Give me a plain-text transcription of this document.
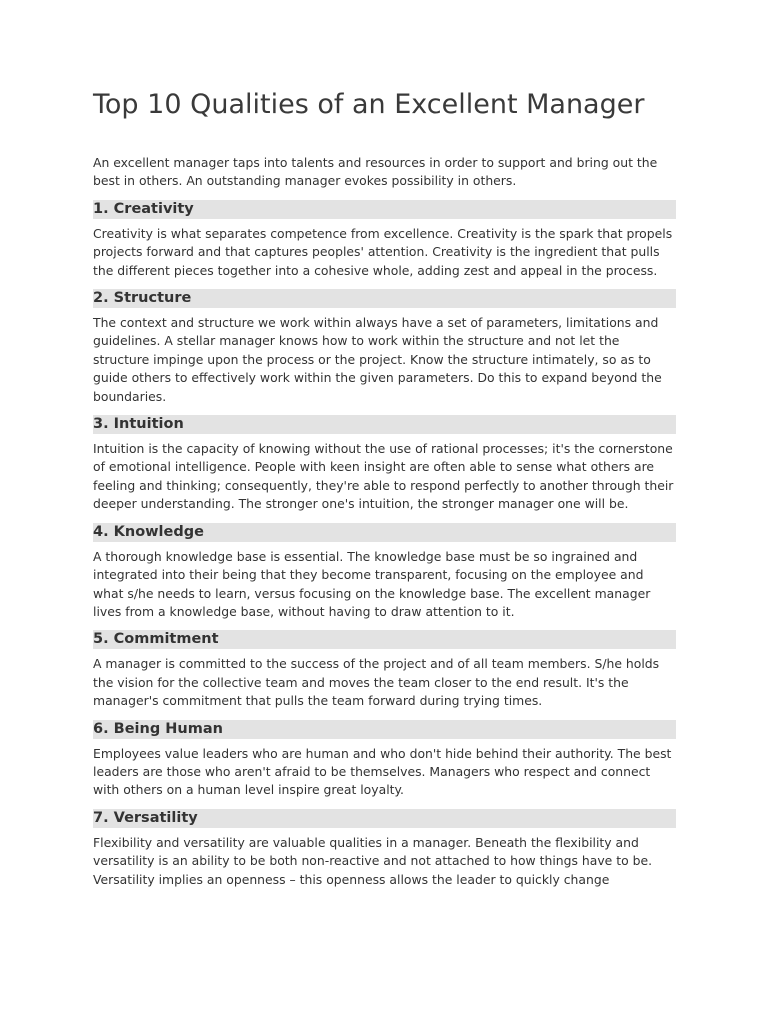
Top 10 Qualities of an Excellent Manager

An excellent manager taps into talents and resources in order to support and bring out the best in others. An outstanding manager evokes possibility in others.

1. Creativity

Creativity is what separates competence from excellence. Creativity is the spark that propels projects forward and that captures peoples' attention. Creativity is the ingredient that pulls the different pieces together into a cohesive whole, adding zest and appeal in the process.

2. Structure

The context and structure we work within always have a set of parameters, limitations and guidelines. A stellar manager knows how to work within the structure and not let the structure impinge upon the process or the project. Know the structure intimately, so as to guide others to effectively work within the given parameters. Do this to expand beyond the boundaries.

3. Intuition

Intuition is the capacity of knowing without the use of rational processes; it's the cornerstone of emotional intelligence. People with keen insight are often able to sense what others are feeling and thinking; consequently, they're able to respond perfectly to another through their deeper understanding. The stronger one's intuition, the stronger manager one will be.

4. Knowledge

A thorough knowledge base is essential. The knowledge base must be so ingrained and integrated into their being that they become transparent, focusing on the employee and what s/he needs to learn, versus focusing on the knowledge base. The excellent manager lives from a knowledge base, without having to draw attention to it.

5. Commitment

A manager is committed to the success of the project and of all team members. S/he holds the vision for the collective team and moves the team closer to the end result. It's the manager's commitment that pulls the team forward during trying times.

6. Being Human

Employees value leaders who are human and who don't hide behind their authority. The best leaders are those who aren't afraid to be themselves. Managers who respect and connect with others on a human level inspire great loyalty.

7. Versatility

Flexibility and versatility are valuable qualities in a manager. Beneath the flexibility and versatility is an ability to be both non-reactive and not attached to how things have to be. Versatility implies an openness – this openness allows the leader to quickly change
